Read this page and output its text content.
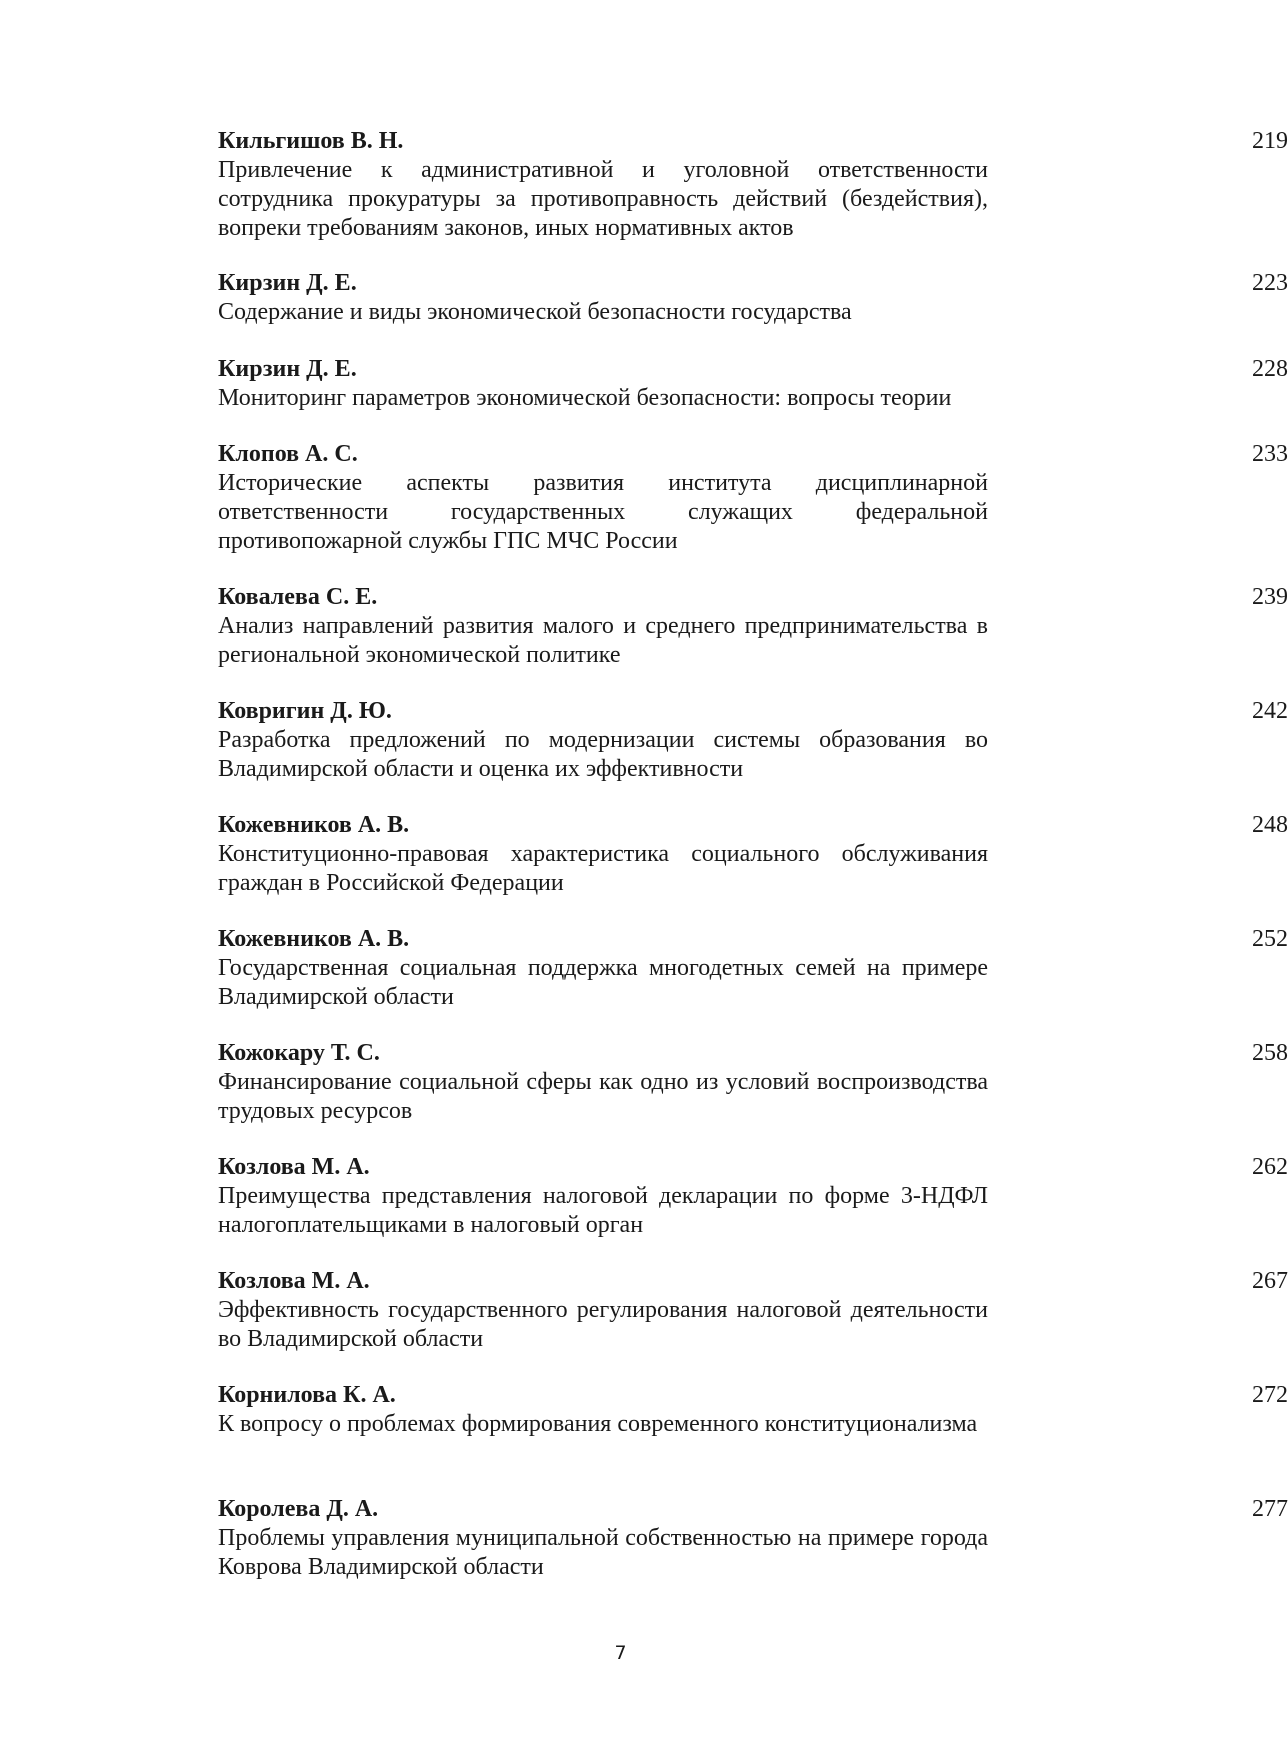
Кильгишов В. Н.
Привлечение к административной и уголовной ответственности сотрудника прокуратуры за противоправность действий (бездействия), вопреки требованиям законов, иных нормативных актов
219
Кирзин Д. Е.
Содержание и виды экономической безопасности государства
223
Кирзин Д. Е.
Мониторинг параметров экономической безопасности: вопросы теории
228
Клопов А. С.
Исторические аспекты развития института дисциплинарной ответственности государственных служащих федеральной противопожарной службы ГПС МЧС России
233
Ковалева С. Е.
Анализ направлений развития малого и среднего предпринимательства в региональной экономической политике
239
Ковригин Д. Ю.
Разработка предложений по модернизации системы образования во Владимирской области и оценка их эффективности
242
Кожевников А. В.
Конституционно-правовая характеристика социального обслуживания граждан в Российской Федерации
248
Кожевников А. В.
Государственная социальная поддержка многодетных семей на примере Владимирской области
252
Кожокару Т. С.
Финансирование социальной сферы как одно из условий воспроизводства трудовых ресурсов
258
Козлова М. А.
Преимущества представления налоговой декларации по форме 3-НДФЛ налогоплательщиками в налоговый орган
262
Козлова М. А.
Эффективность государственного регулирования налоговой деятельности во Владимирской области
267
Корнилова К. А.
К вопросу о проблемах формирования современного конституционализма
272
Королева Д. А.
Проблемы управления муниципальной собственностью на примере города Коврова Владимирской области
277
7
